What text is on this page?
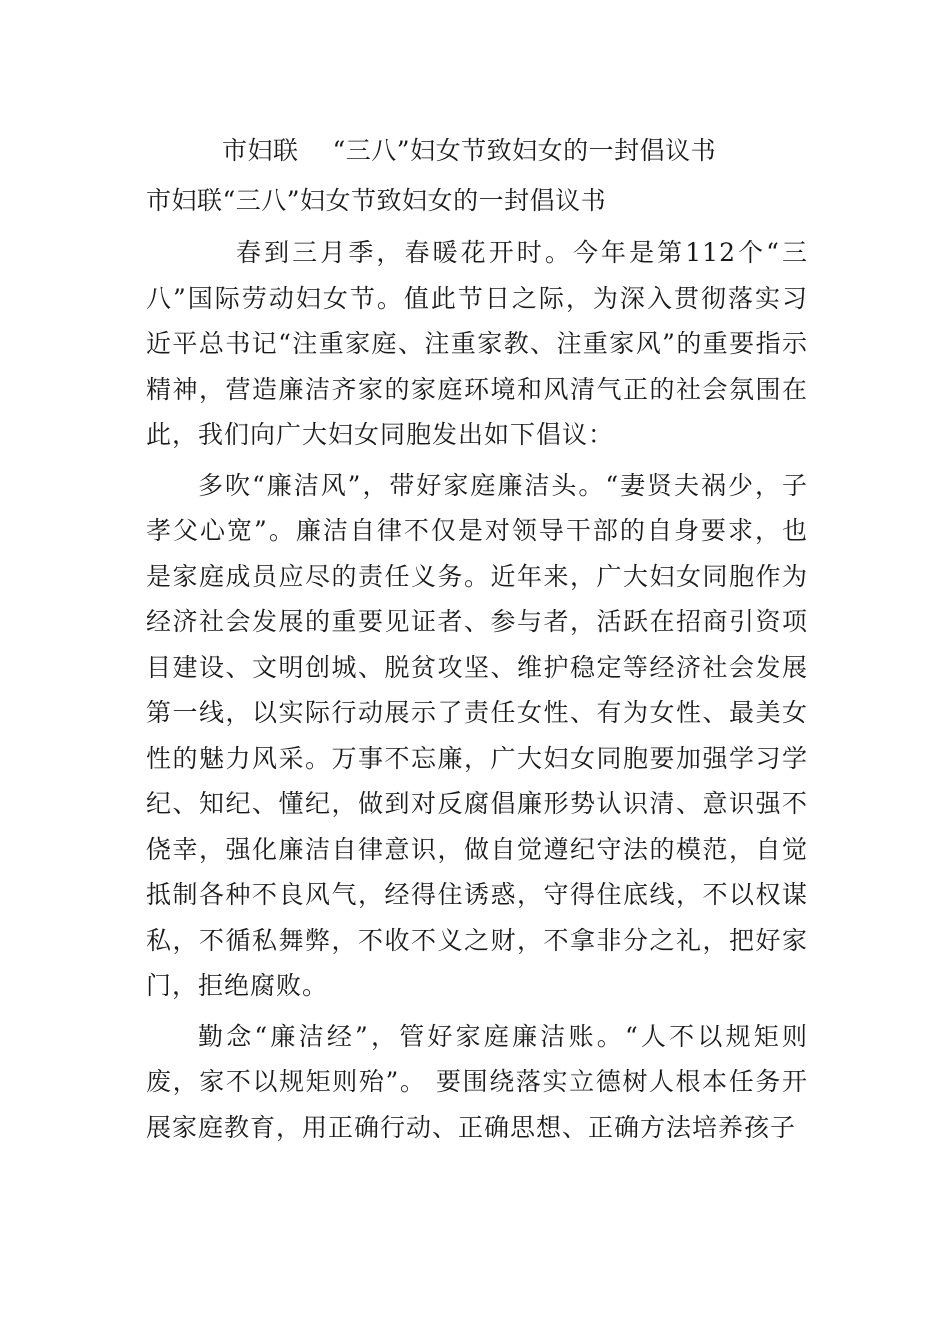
市妇联 “三八”妇女节致妇女的一封倡议书
市妇联“三八”妇女节致妇女的一封倡议书

春到三月季，春暖花开时。今年是第112个“三八”国际劳动妇女节。值此节日之际，为深入贯彻落实习近平总书记“注重家庭、注重家教、注重家风”的重要指示精神，营造廉洁齐家的家庭环境和风清气正的社会氛围在此，我们向广大妇女同胞发出如下倡议：

多吹“廉洁风”，带好家庭廉洁头。“妻贤夫祸少，子孝父心宽”。廉洁自律不仅是对领导干部的自身要求，也是家庭成员应尽的责任义务。近年来，广大妇女同胞作为经济社会发展的重要见证者、参与者，活跃在招商引资项目建设、文明创城、脱贫攻坚、维护稳定等经济社会发展第一线，以实际行动展示了责任女性、有为女性、最美女性的魅力风采。万事不忘廉，广大妇女同胞要加强学习学纪、知纪、懂纪，做到对反腐倡廉形势认识清、意识强不侥幸，强化廉洁自律意识，做自觉遵纪守法的模范，自觉抵制各种不良风气，经得住诱惑，守得住底线，不以权谋私，不循私舞弊，不收不义之财，不拿非分之礼，把好家门，拒绝腐败。

勤念“廉洁经”，管好家庭廉洁账。“人不以规矩则废，家不以规矩则殆”。 要围绕落实立德树人根本任务开展家庭教育，用正确行动、正确思想、正确方法培养孩子
